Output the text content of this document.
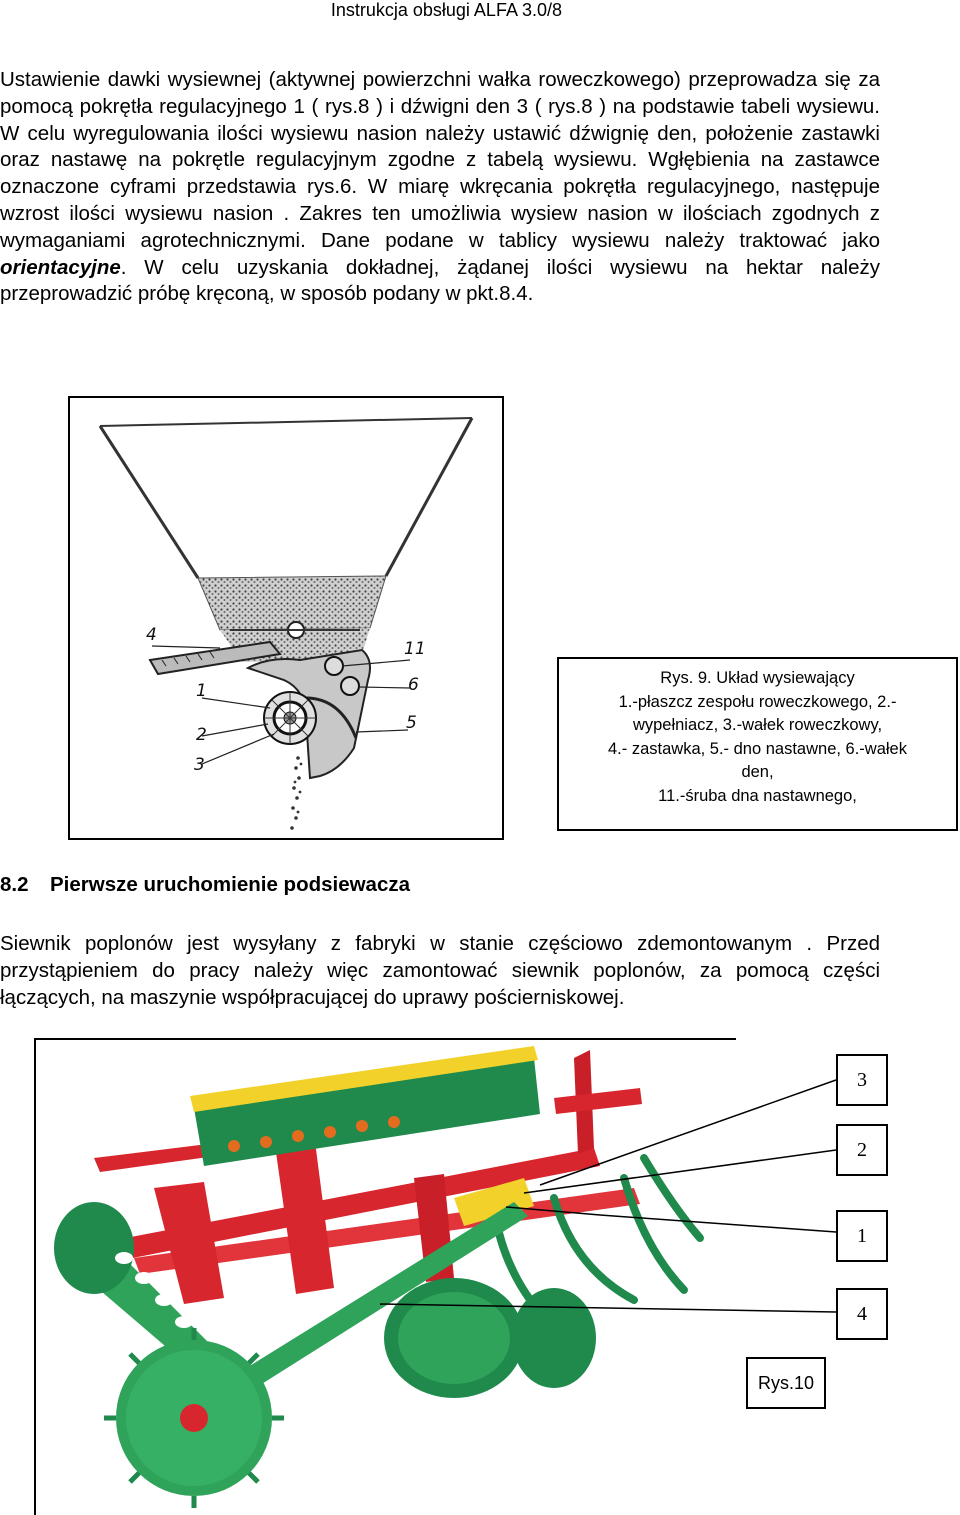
Instrukcja obsługi ALFA 3.0/8
Ustawienie dawki wysiewnej (aktywnej powierzchni wałka roweczkowego) przeprowadza się za pomocą pokrętła regulacyjnego 1 ( rys.8 ) i dźwigni den 3 ( rys.8 ) na podstawie tabeli wysiewu. W celu wyregulowania ilości wysiewu nasion należy ustawić dźwignię den, położenie zastawki oraz nastawę na pokrętle regulacyjnym zgodne z tabelą wysiewu. Wgłębienia na zastawce oznaczone cyframi przedstawia rys.6. W miarę wkręcania pokrętła regulacyjnego, następuje wzrost ilości wysiewu nasion . Zakres ten umożliwia wysiew nasion w ilościach zgodnych z wymaganiami agrotechnicznymi. Dane podane w tablicy wysiewu należy traktować jako orientacyjne. W celu uzyskania dokładnej, żądanej ilości wysiewu na hektar należy przeprowadzić próbę kręconą, w sposób podany w pkt.8.4.
4
1
2
3
11
6
5
Rys. 9. Układ wysiewający
1.-płaszcz zespołu roweczkowego, 2.-
wypełniacz, 3.-wałek roweczkowy,
4.- zastawka, 5.- dno nastawne, 6.-wałek
den,
11.-śruba dna nastawnego,
8.2 Pierwsze uruchomienie podsiewacza
Siewnik poplonów jest wysyłany z fabryki w stanie częściowo zdemontowanym . Przed przystąpieniem do pracy należy więc zamontować siewnik poplonów, za pomocą części łączących, na maszynie współpracującej do uprawy pościerniskowej.
3
2
1
4
Rys.10
